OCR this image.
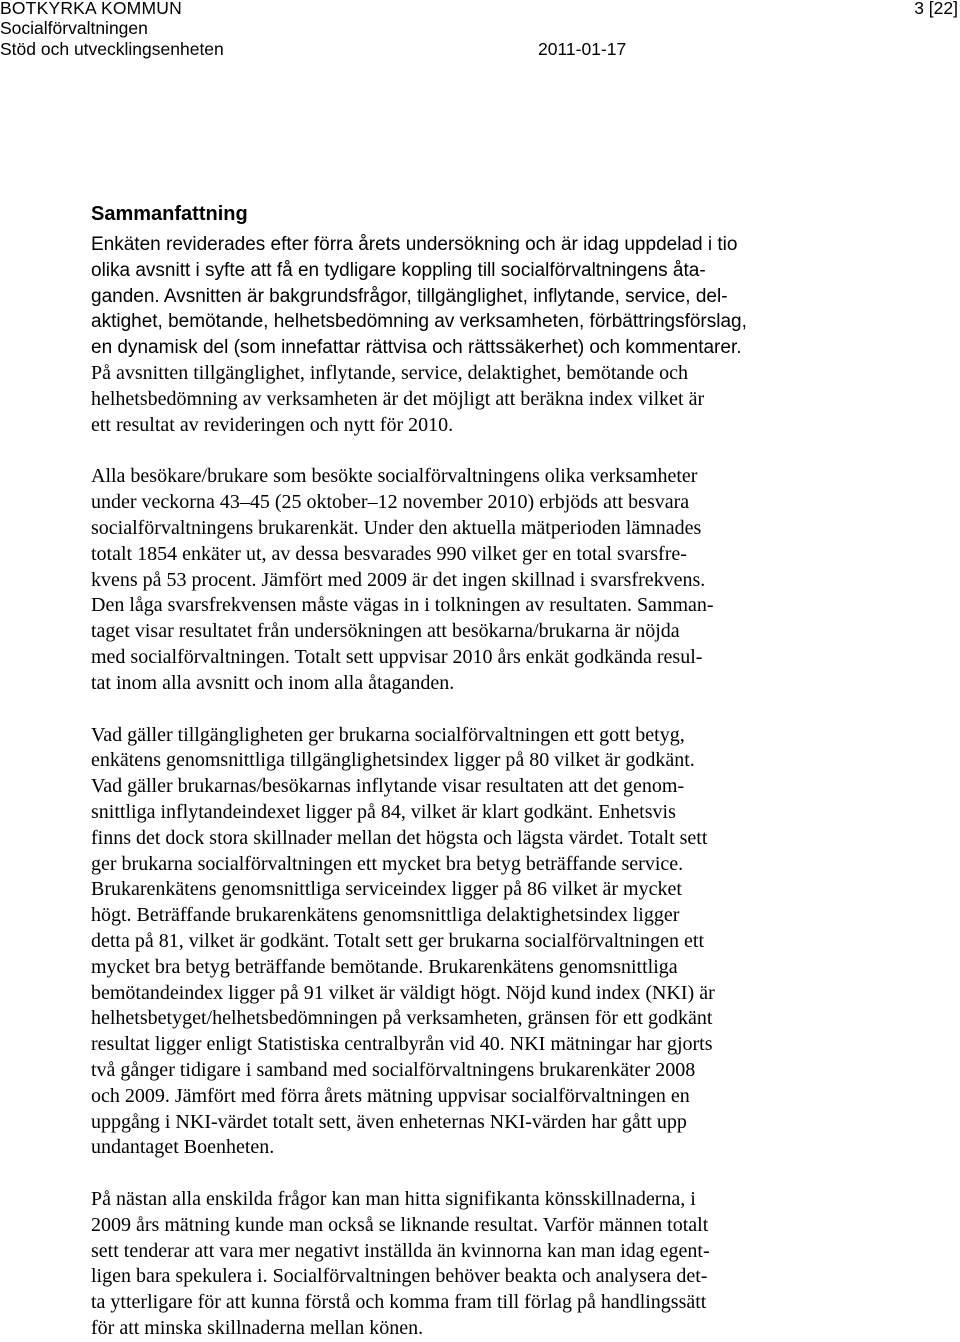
BOTKYRKA KOMMUN
Socialförvaltningen
Stöd och utvecklingsenheten	2011-01-17
3 [22]
Sammanfattning
Enkäten reviderades efter förra årets undersökning och är idag uppdelad i tio
olika avsnitt i syfte att få en tydligare koppling till socialförvaltningens åta-
ganden. Avsnitten är bakgrundsfrågor, tillgänglighet, inflytande, service, del-
aktighet, bemötande, helhetsbedömning av verksamheten, förbättringsförslag,
en dynamisk del (som innefattar rättvisa och rättssäkerhet) och kommentarer.
På avsnitten tillgänglighet, inflytande, service, delaktighet, bemötande och
helhetsbedömning av verksamheten är det möjligt att beräkna index vilket är
ett resultat av revideringen och nytt för 2010.
Alla besökare/brukare som besökte socialförvaltningens olika verksamheter
under veckorna 43–45 (25 oktober–12 november 2010) erbjöds att besvara
socialförvaltningens brukarenkät. Under den aktuella mätperioden lämnades
totalt 1854 enkäter ut, av dessa besvarades 990 vilket ger en total svarsfre-
kvens på 53 procent. Jämfört med 2009 är det ingen skillnad i svarsfrekvens.
Den låga svarsfrekvensen måste vägas in i tolkningen av resultaten. Samman-
taget visar resultatet från undersökningen att besökarna/brukarna är nöjda
med socialförvaltningen. Totalt sett uppvisar 2010 års enkät godkända resul-
tat inom alla avsnitt och inom alla åtaganden.
Vad gäller tillgängligheten ger brukarna socialförvaltningen ett gott betyg,
enkätens genomsnittliga tillgänglighetsindex ligger på 80 vilket är godkänt.
Vad gäller brukarnas/besökarnas inflytande visar resultaten att det genom-
snittliga inflytandeindexet ligger på 84, vilket är klart godkänt. Enhetsvis
finns det dock stora skillnader mellan det högsta och lägsta värdet. Totalt sett
ger brukarna socialförvaltningen ett mycket bra betyg beträffande service.
Brukarenkätens genomsnittliga serviceindex ligger på 86 vilket är mycket
högt. Beträffande brukarenkätens genomsnittliga delaktighetsindex ligger
detta på 81, vilket är godkänt. Totalt sett ger brukarna socialförvaltningen ett
mycket bra betyg beträffande bemötande. Brukarenkätens genomsnittliga
bemötandeindex ligger på 91 vilket är väldigt högt. Nöjd kund index (NKI) är
helhetsbetyget/helhetsbedömningen på verksamheten, gränsen för ett godkänt
resultat ligger enligt Statistiska centralbyrån vid 40. NKI mätningar har gjorts
två gånger tidigare i samband med socialförvaltningens brukarenkäter 2008
och 2009. Jämfört med förra årets mätning uppvisar socialförvaltningen en
uppgång i NKI-värdet totalt sett, även enheternas NKI-värden har gått upp
undantaget Boenheten.
På nästan alla enskilda frågor kan man hitta signifikanta könsskillnaderna, i
2009 års mätning kunde man också se liknande resultat. Varför männen totalt
sett tenderar att vara mer negativt inställda än kvinnorna kan man idag egent-
ligen bara spekulera i. Socialförvaltningen behöver beakta och analysera det-
ta ytterligare för att kunna förstå och komma fram till förlag på handlingssätt
för att minska skillnaderna mellan könen.
